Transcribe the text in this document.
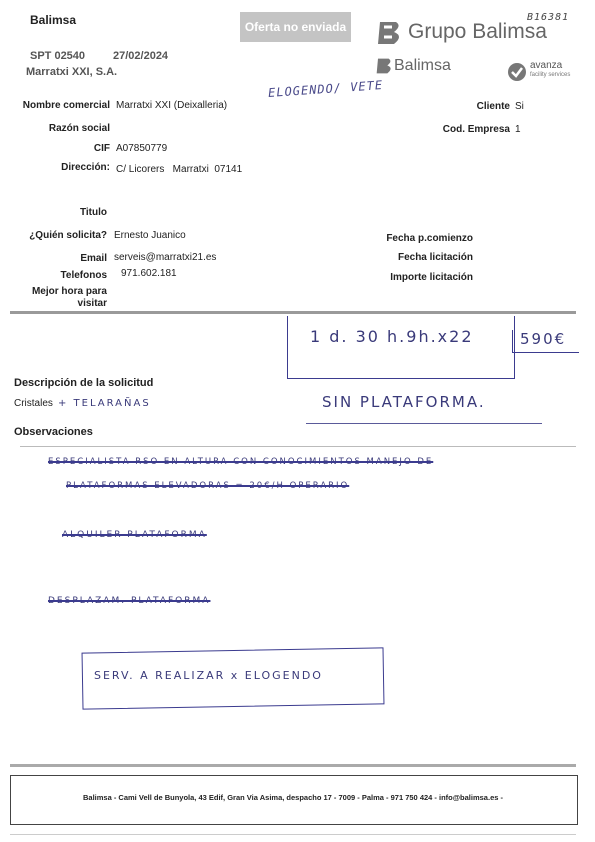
Balimsa
SPT 02540	27/02/2024
Marratxi XXI, S.A.
Oferta no enviada	Grupo Balimsa
B16381
Balimsa	avanza
facility services
ELOGENDO/ VETE
Nombre comercial Marratxi XXI (Deixalleria)
Razón social
CIF A07850779
Dirección: C/ Licorers   Marratxi  07141
Titulo
¿Quién solicita? Ernesto Juanico
Email serveis@marratxi21.es
Telefonos 971.602.181
Mejor hora para
visitar
Cliente Si
Cod. Empresa 1
Fecha p.comienzo
Fecha licitación
Importe licitación
1 d. 30 h.9h.x22	590€
Descripción de la solicitud
Cristales + TELARAÑAS	SIN PLATAFORMA.
Observaciones
ESPECIALISTA RSO EN ALTURA CON CONOCIMIENTOS MANEJO DE
PLATAFORMAS ELEVADORAS = 20€/H OPERARIO
ALQUILER PLATAFORMA
DESPLAZAM. PLATAFORMA
SERV. A REALIZAR x ELOGENDO
Balimsa - Cami Vell de Bunyola, 43 Edif, Gran Via Asima, despacho 17 - 7009 - Palma - 971 750 424 - info@balimsa.es -
